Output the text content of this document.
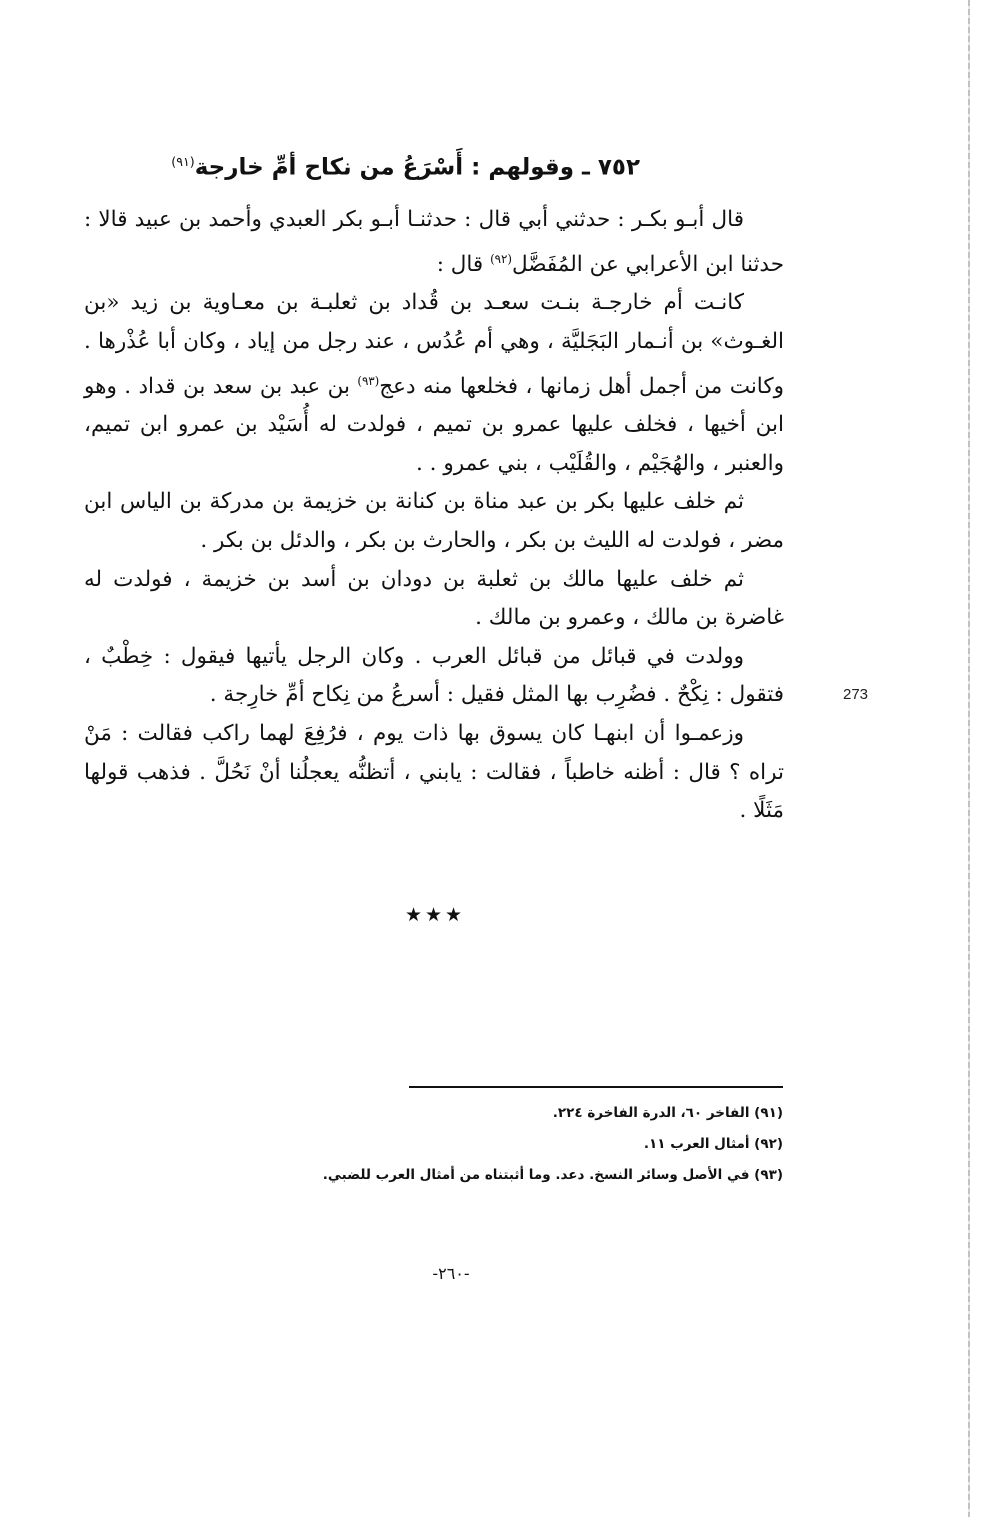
٧٥٢ ـ وقولهم : أَسْرَعُ من نكاح أمِّ خارجة$^{(٩١)}$

قال أبـو بكـر : حدثني أبي قال : حدثنـا أبـو بكر العبدي وأحمد بن عبيد قالا : حدثنا ابن الأعرابي عن المُفَضَّل$^{(٩٢)}$ قال :

كانـت أم خارجـة بنـت سعـد بن قُداد بن ثعلبـة بن معـاوية بن زيد «بن الغـوث» بن أنـمار البَجَليَّة ، وهي أم عُدُس ، عند رجل من إياد ، وكان أبا عُذْرها . وكانت من أجمل أهل زمانها ، فخلعها منه دعج$^{(٩٣)}$ بن عبد بن سعد بن قداد . وهو ابن أخيها ، فخلف عليها عمرو بن تميم ، فولدت له أُسَيْد بن عمرو ابن تميم، والعنبر ، والهُجَيْم ، والقُلَيْب ، بني عمرو . .

ثم خلف عليها بكر بن عبد مناة بن كنانة بن خزيمة بن مدركة بن الياس ابن مضر ، فولدت له الليث بن بكر ، والحارث بن بكر ، والدئل بن بكر .

ثم خلف عليها مالك بن ثعلبة بن دودان بن أسد بن خزيمة ، فولدت له غاضرة بن مالك ، وعمرو بن مالك .

وولدت في قبائل من قبائل العرب . وكان الرجل يأتيها فيقول : خِطْبٌ ، فتقول : نِكْحٌ . فضُرِب بها المثل فقيل : أسرعُ من نِكاح أمِّ خارِجة .

وزعمـوا أن ابنهـا كان يسوق بها ذات يوم ، فرُفِعَ لهما راكب فقالت : مَنْ تراه ؟ قال : أظنه خاطباً ، فقالت : يابني ، أتظنُّه يعجلُنا أنْ نَحُلَّ . فذهب قولها مَثَلًا .

273
★★★
(٩١) الفاخر ٦٠، الدرة الفاخرة ٢٢٤.
(٩٢) أمثال العرب ١١.
(٩٣) في الأصل وسائر النسخ. دعد. وما أثبتناه من أمثال العرب للضبي.
-٢٦٠-
